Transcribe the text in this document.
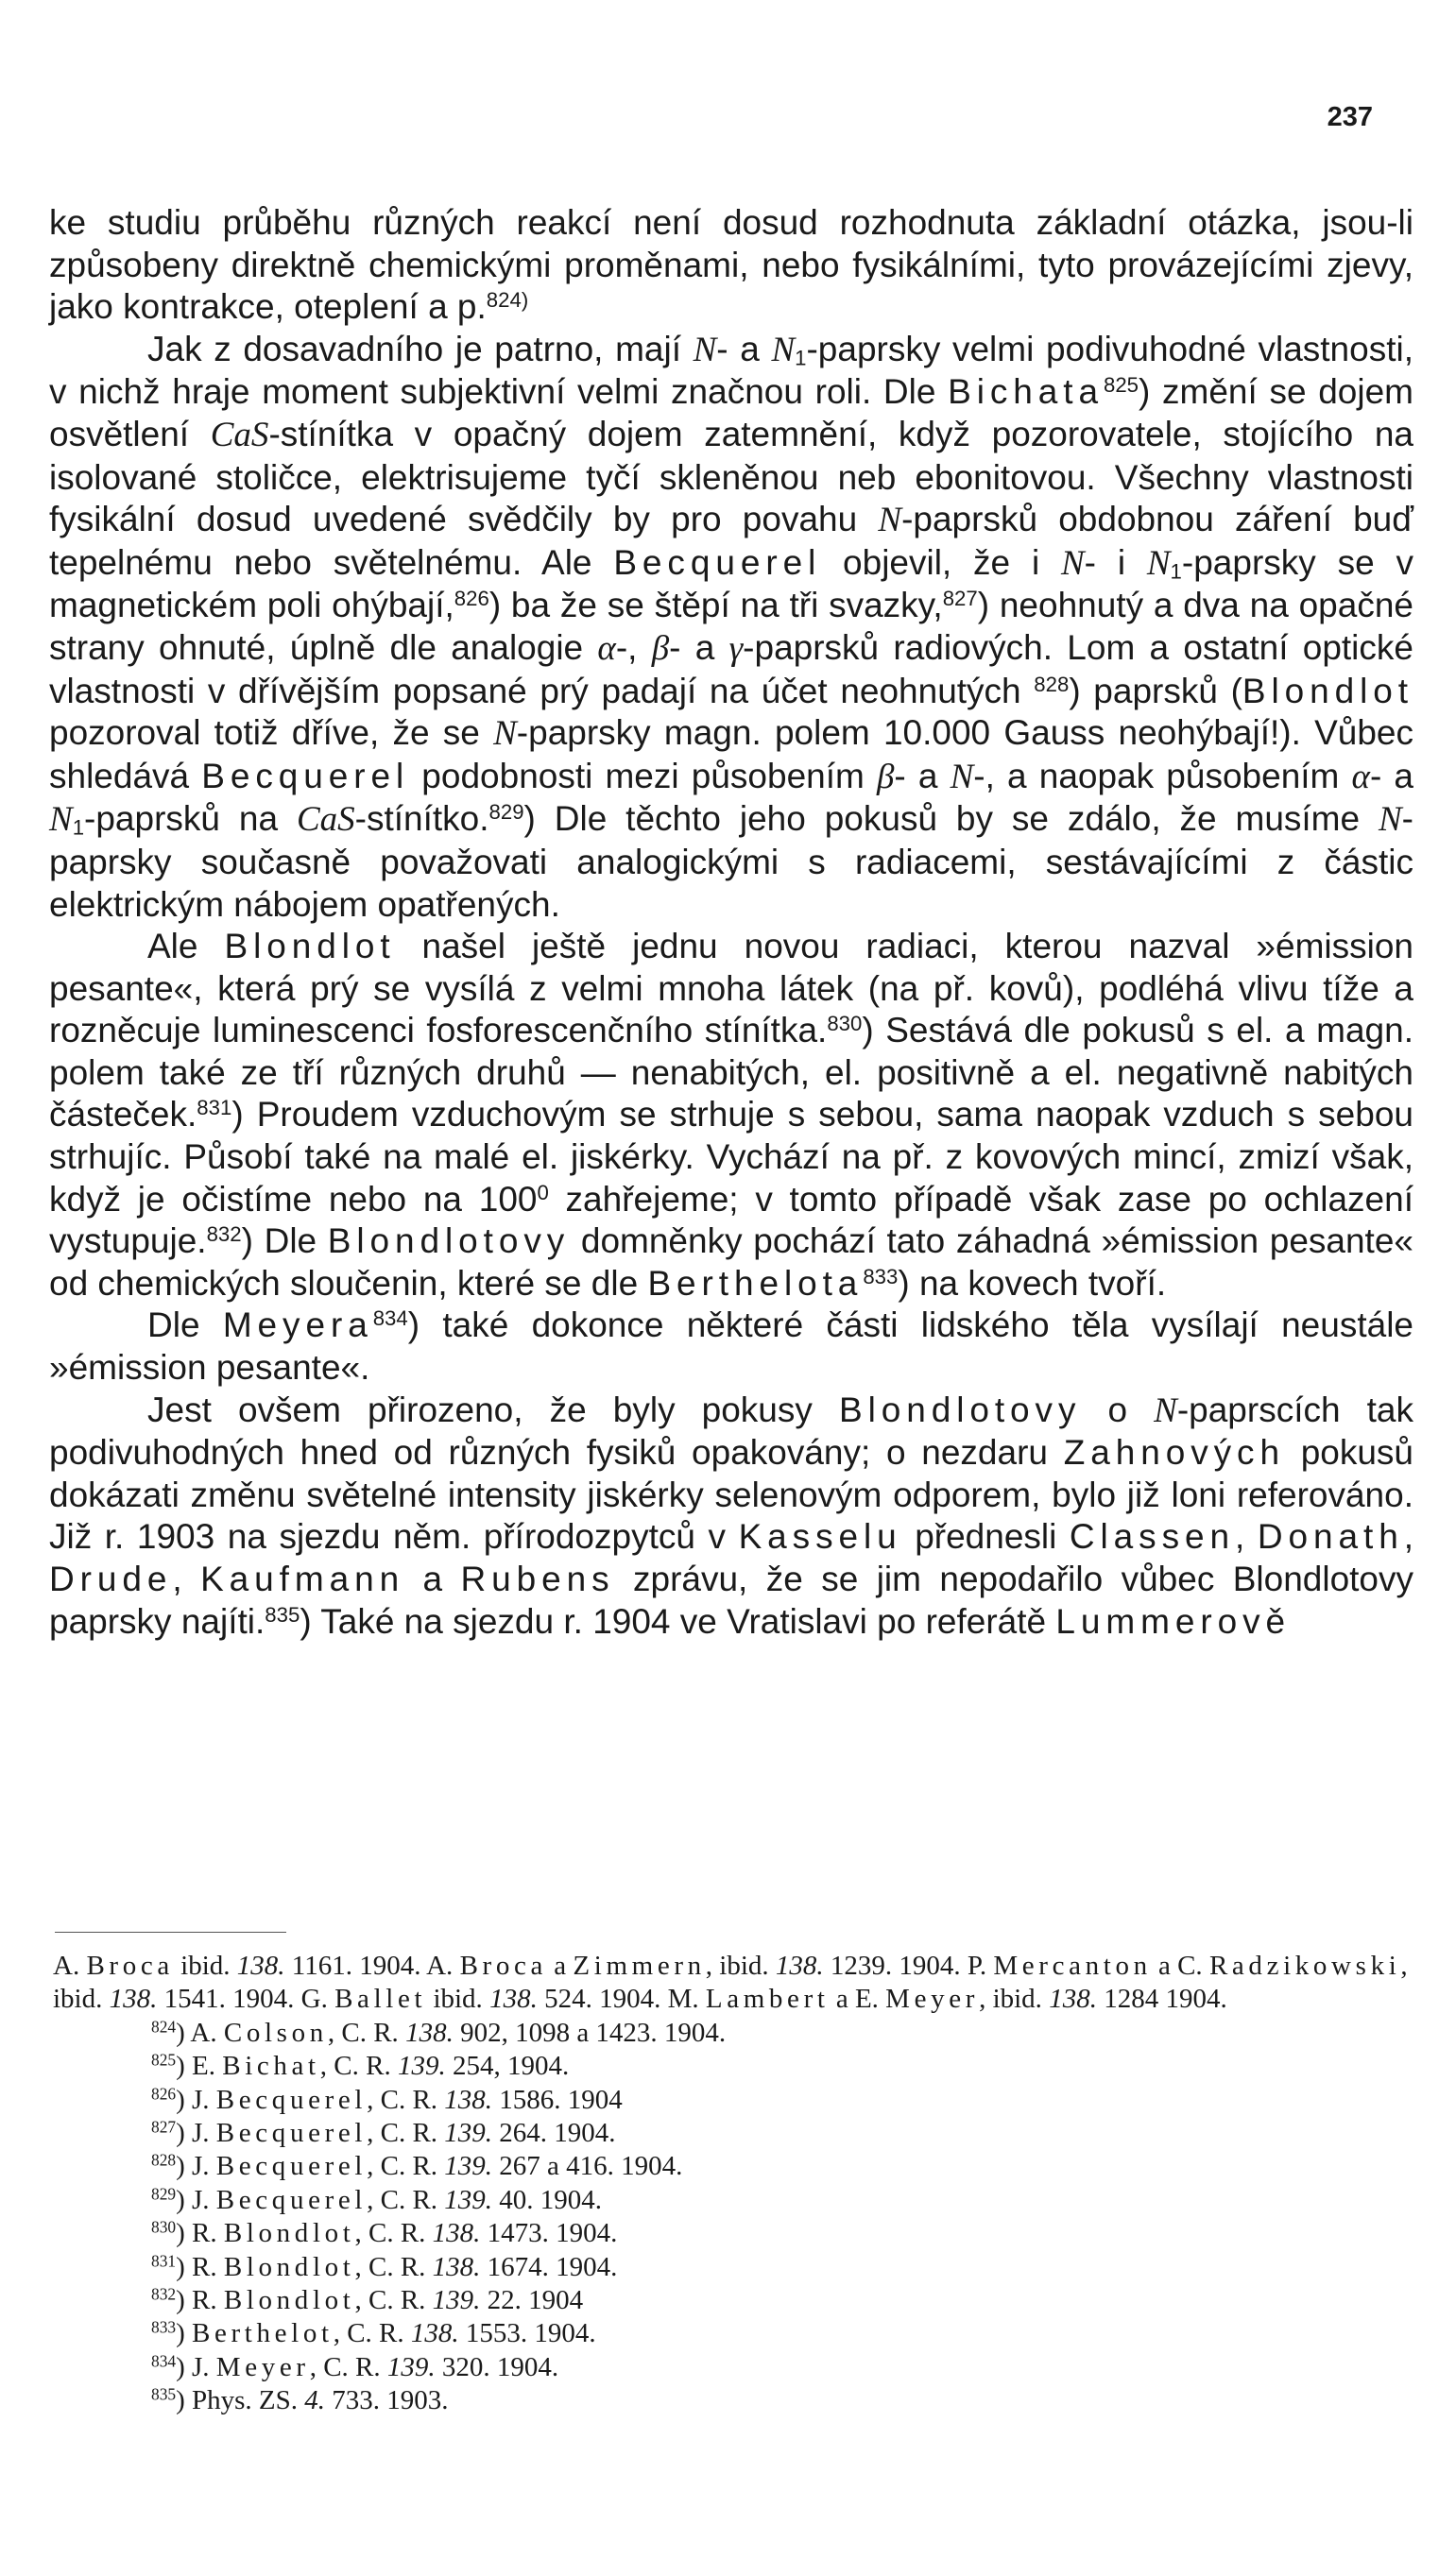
237

ke studiu průběhu různých reakcí není dosud rozhodnuta základní otázka, jsou-li způsobeny direktně chemickými proměnami, nebo fysikálními, tyto provázejícími zjevy, jako kontrakce, oteplení a p.$^{824)}$

Jak z dosavadního je patrno, mají N- a $N_1$-paprsky velmi podivuhodné vlastnosti, v nichž hraje moment subjektivní velmi značnou roli. Dle Bichata$^{825}$) změní se dojem osvětlení CaS-stínítka v opačný dojem zatemnění, když pozorovatele, stojícího na isolované stoličce, elektrisujeme tyčí skleněnou neb ebonitovou. Všechny vlastnosti fysikální dosud uvedené svědčily by pro povahu N-paprsků obdobnou záření buď tepelnému nebo světelnému. Ale Becquerel objevil, že i N- i $N_1$-paprsky se v magnetickém poli ohýbají,$^{826}$) ba že se štěpí na tři svazky,$^{827}$) neohnutý a dva na opačné strany ohnuté, úplně dle analogie α-, β- a γ-paprsků radiových. Lom a ostatní optické vlastnosti v dřívějším popsané prý padají na účet neohnutých $^{828}$) paprsků (Blondlot pozoroval totiž dříve, že se N-paprsky magn. polem 10.000 Gauss neohýbají!). Vůbec shledává Becquerel podobnosti mezi působením β- a N-, a naopak působením α- a $N_1$-paprsků na CaS-stínítko.$^{829}$) Dle těchto jeho pokusů by se zdálo, že musíme N-paprsky současně považovati analogickými s radiacemi, sestávajícími z částic elektrickým nábojem opatřených.

Ale Blondlot našel ještě jednu novou radiaci, kterou nazval »émission pesante«, která prý se vysílá z velmi mnoha látek (na př. kovů), podléhá vlivu tíže a rozněcuje luminescenci fosforescenčního stínítka.$^{830}$) Sestává dle pokusů s el. a magn. polem také ze tří různých druhů — nenabitých, el. positivně a el. negativně nabitých částeček.$^{831}$) Proudem vzduchovým se strhuje s sebou, sama naopak vzduch s sebou strhujíc. Působí také na malé el. jiskérky. Vychází na př. z kovových mincí, zmizí však, když je očistíme nebo na $100^0$ zahřejeme; v tomto případě však zase po ochlazení vystupuje.$^{832}$) Dle Blondlotovy domněnky pochází tato záhadná »émission pesante« od chemických sloučenin, které se dle Berthelota$^{833}$) na kovech tvoří.

Dle Meyera$^{834}$) také dokonce některé části lidského těla vysílají neustále »émission pesante«.

Jest ovšem přirozeno, že byly pokusy Blondlotovy o N-paprscích tak podivuhodných hned od různých fysiků opakovány; o nezdaru Zahnových pokusů dokázati změnu světelné intensity jiskérky selenovým odporem, bylo již loni referováno. Již r. 1903 na sjezdu něm. přírodozpytců v Kasselu přednesli Classen, Donath, Drude, Kaufmann a Rubens zprávu, že se jim nepodařilo vůbec Blondlotovy paprsky najíti.$^{835}$) Také na sjezdu r. 1904 ve Vratislavi po referátě Lummerově

A. Broca ibid. 138. 1161. 1904. A. Broca a Zimmern, ibid. 138. 1239. 1904. P. Mercanton a C. Radzikowski, ibid. 138. 1541. 1904. G. Ballet ibid. 138. 524. 1904. M. Lambert a E. Meyer, ibid. 138. 1284 1904.

$^{824}$) A. Colson, C. R. 138. 902, 1098 a 1423. 1904.

$^{825}$) E. Bichat, C. R. 139. 254, 1904.

$^{826}$) J. Becquerel, C. R. 138. 1586. 1904

$^{827}$) J. Becquerel, C. R. 139. 264. 1904.

$^{828}$) J. Becquerel, C. R. 139. 267 a 416. 1904.

$^{829}$) J. Becquerel, C. R. 139. 40. 1904.

$^{830}$) R. Blondlot, C. R. 138. 1473. 1904.

$^{831}$) R. Blondlot, C. R. 138. 1674. 1904.

$^{832}$) R. Blondlot, C. R. 139. 22. 1904

$^{833}$) Berthelot, C. R. 138. 1553. 1904.

$^{834}$) J. Meyer, C. R. 139. 320. 1904.

$^{835}$) Phys. ZS. 4. 733. 1903.
